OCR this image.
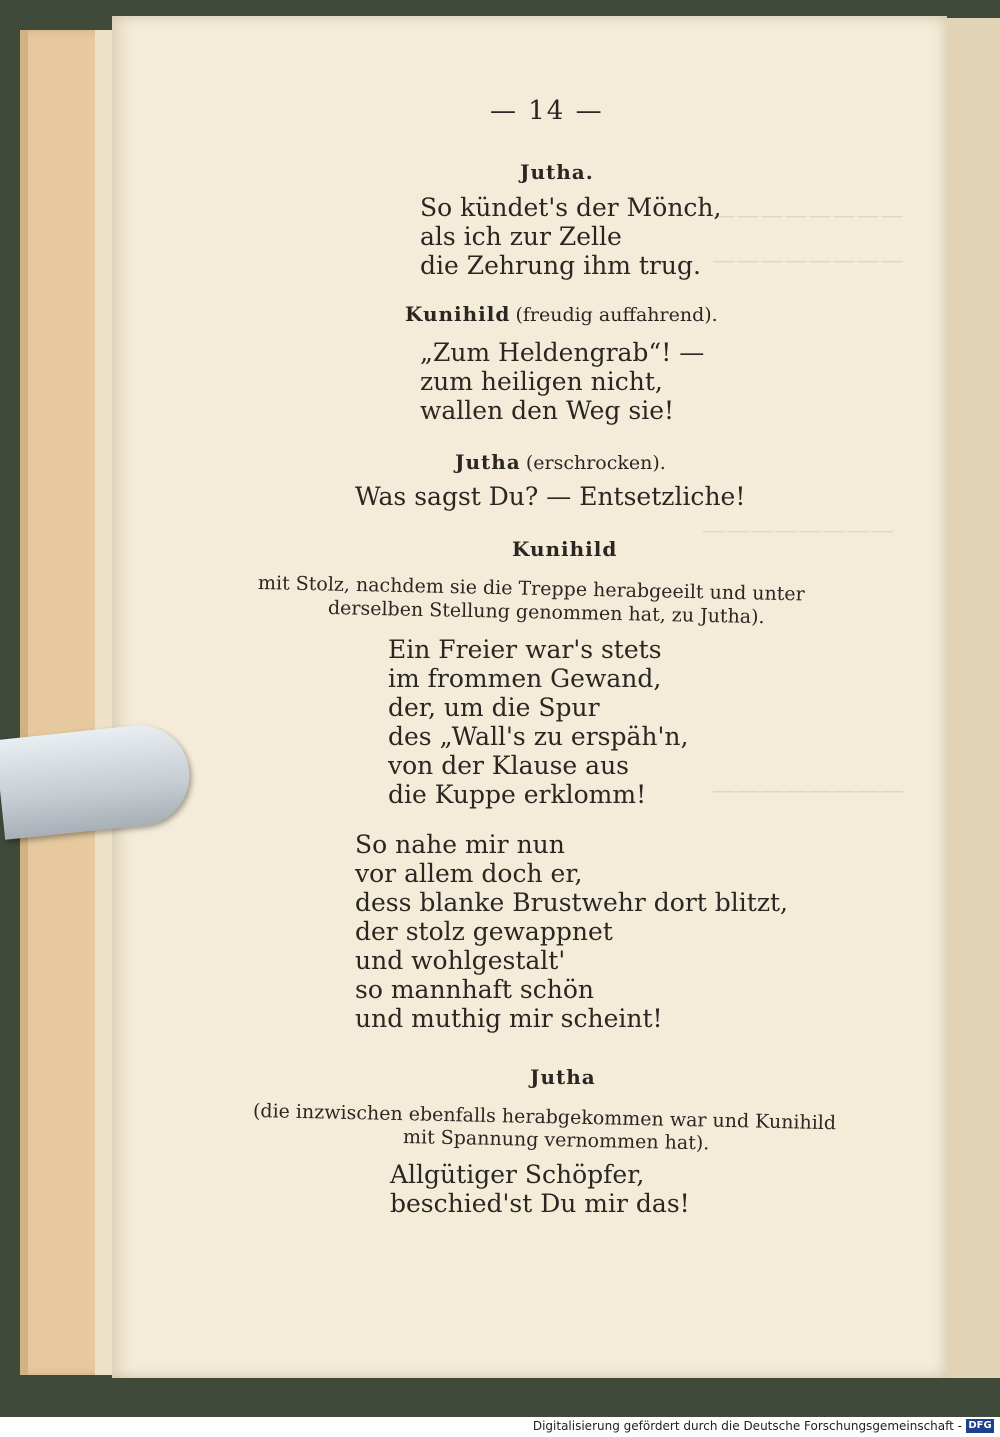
————————
————————
————————
————————
— 14 —
Jutha.
So kündet's der Mönch,
als ich zur Zelle
die Zehrung ihm trug.
Kunihild (freudig auffahrend).
„Zum Heldengrab“! —
zum heiligen nicht,
wallen den Weg sie!
Jutha (erschrocken).
Was sagst Du? — Entsetzliche!
Kunihild
mit Stolz, nachdem sie die Treppe herabgeeilt und unter
derselben Stellung genommen hat, zu Jutha).
Ein Freier war's stets
im frommen Gewand,
der, um die Spur
des „Wall's zu erspäh'n,
von der Klause aus
die Kuppe erklomm!
So nahe mir nun
vor allem doch er,
dess blanke Brustwehr dort blitzt,
der stolz gewappnet
und wohlgestalt'
so mannhaft schön
und muthig mir scheint!
Jutha
(die inzwischen ebenfalls herabgekommen war und Kunihild
mit Spannung vernommen hat).
Allgütiger Schöpfer,
beschied'st Du mir das!
Digitalisierung gefördert durch die Deutsche Forschungsgemeinschaft - DFG
